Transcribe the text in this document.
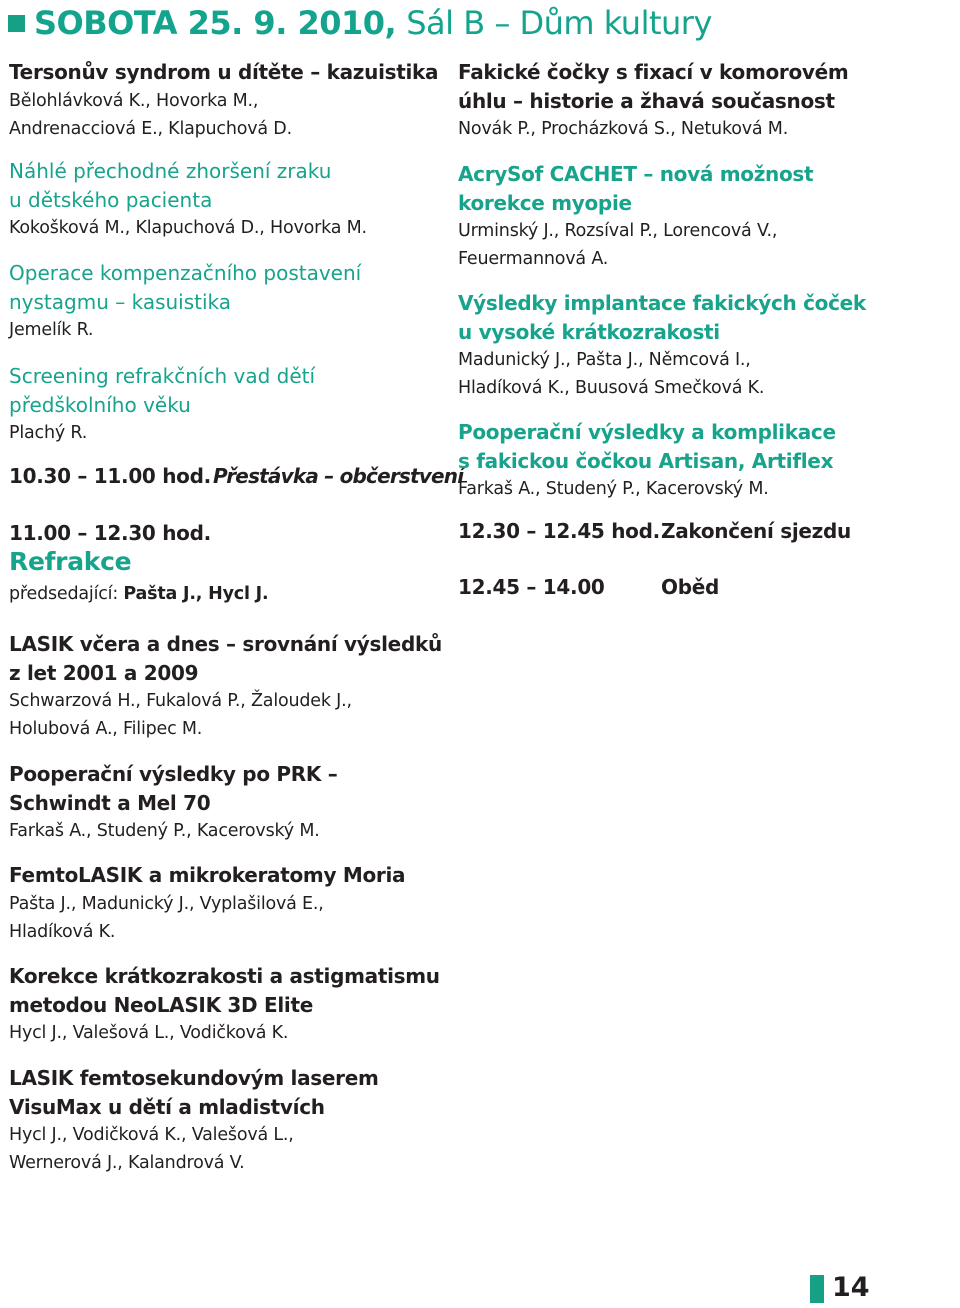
SOBOTA 25. 9. 2010, Sál B – Dům kultury
Tersonův syndrom u dítěte – kazuistika
Bělohlávková K., Hovorka M.,
Andrenacciová E., Klapuchová D.
Náhlé přechodné zhoršení zraku
u dětského pacienta
Kokošková M., Klapuchová D., Hovorka M.
Operace kompenzačního postavení
nystagmu – kasuistika
Jemelík R.
Screening refrakčních vad dětí
předškolního věku
Plachý R.
10.30 – 11.00 hod. Přestávka – občerstvení
11.00 – 12.30 hod.
Refrakce
předsedající: Pašta J., Hycl J.
LASIK včera a dnes – srovnání výsledků
z let 2001 a 2009
Schwarzová H., Fukalová P., Žaloudek J.,
Holubová A., Filipec M.
Pooperační výsledky po PRK –
Schwindt a Mel 70
Farkaš A., Studený P., Kacerovský M.
FemtoLASIK a mikrokeratomy Moria
Pašta J., Madunický J., Vyplašilová E.,
Hladíková K.
Korekce krátkozrakosti a astigmatismu
metodou NeoLASIK 3D Elite
Hycl J., Valešová L., Vodičková K.
LASIK femtosekundovým laserem
VisuMax u dětí a mladistvích
Hycl J., Vodičková K., Valešová L.,
Wernerová J., Kalandrová V.
Fakické čočky s fixací v komorovém
úhlu – historie a žhavá současnost
Novák P., Procházková S., Netuková M.
AcrySof CACHET – nová možnost
korekce myopie
Urminský J., Rozsíval P., Lorencová V.,
Feuermannová A.
Výsledky implantace fakických čoček
u vysoké krátkozrakosti
Madunický J., Pašta J., Němcová I.,
Hladíková K., Buusová Smečková K.
Pooperační výsledky a komplikace
s fakickou čočkou Artisan, Artiflex
Farkaš A., Studený P., Kacerovský M.
12.30 – 12.45 hod. Zakončení sjezdu
12.45 – 14.00	Oběd
14
